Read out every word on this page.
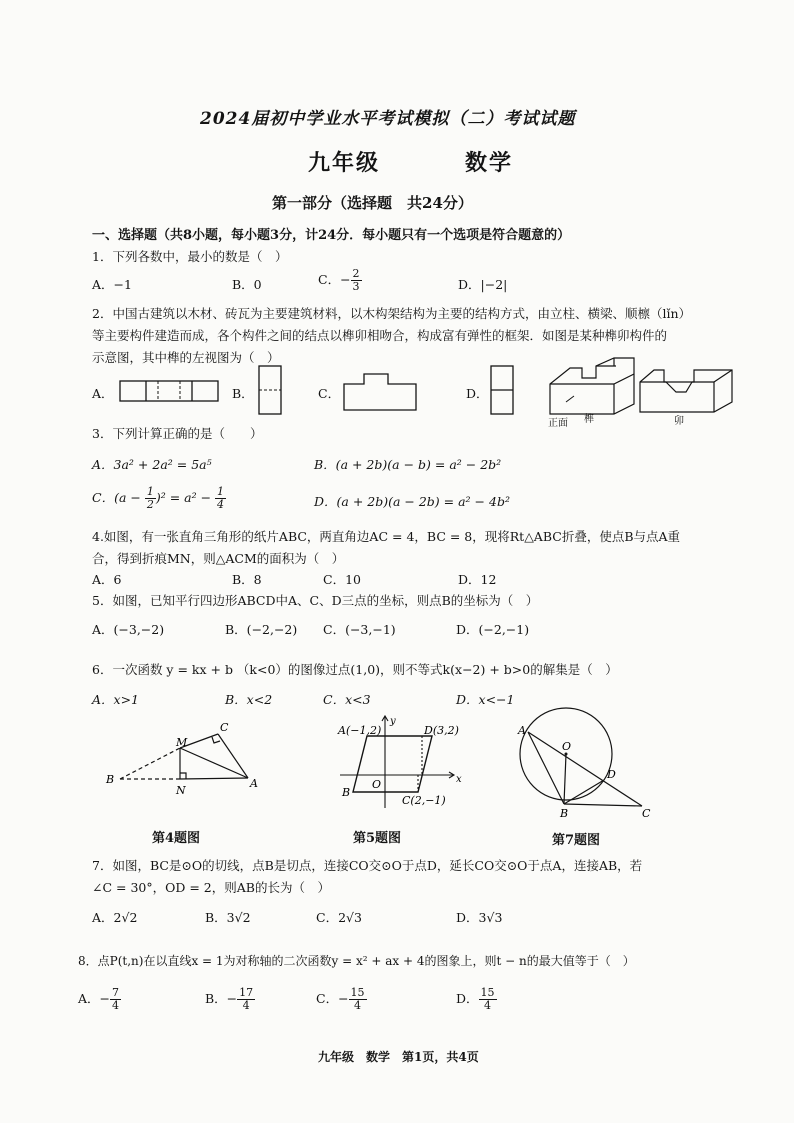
2024届初中学业水平考试模拟（二）考试试题
九年级	数学
第一部分（选择题　共24分）
一、选择题（共8小题，每小题3分，计24分．每小题只有一个选项是符合题意的）
1．下列各数中，最小的数是（　）
A．−1	B．0	C．− $\frac{2}{3}$	D．|−2|
2．中国古建筑以木材、砖瓦为主要建筑材料，以木构架结构为主要的结构方式，由立柱、横梁、顺檩（lǐn）
等主要构件建造而成，各个构件之间的结点以榫卯相吻合，构成富有弹性的框架．如图是某种榫卯构件的
示意图，其中榫的左视图为（　）
A．	B．	C．	D．
正面 榫	卯
3．下列计算正确的是（　　）
A．3a² + 2a² = 5a⁵	B．(a + 2b)(a − b) = a² − 2b²
C．$(a - \frac{1}{2} )^2 = a^2 - \frac{1}{4}$	D．(a + 2b)(a − 2b) = a² − 4b²
4.如图，有一张直角三角形的纸片ABC，两直角边AC = 4，BC = 8，现将Rt△ABC折叠，使点B与点A重
合，得到折痕MN，则△ACM的面积为（　）
A．6	B．8	C．10	D．12
5．如图，已知平行四边形ABCD中A、C、D三点的坐标，则点B的坐标为（　）
A．(−3,−2)	B．(−2,−2) C．(−3,−1)	D．(−2,−1)
6．一次函数 y = kx + b （k<0）的图像过点(1,0)，则不等式k(x−2) + b>0的解集是（　）
A．x>1	B．x<2	C．x<3	D．x<−1
C
M
B
N
A
第4题图
x
y
A(−1,2)	D(3,2)
O
B
C(2,−1)
第5题图
A
O
D
B	C
第7题图
7．如图，BC是⊙O的切线，点B是切点，连接CO交⊙O于点D，延长CO交⊙O于点A，连接AB，若
∠C = 30°，OD = 2，则AB的长为（　）
A．2√2	B．3√2	C．2√3	D．3√3
8．点P(t,n)在以直线x = 1为对称轴的二次函数y = x² + ax + 4的图象上，则t − n的最大值等于（　）
A．− $\frac{7}{4}$	B．− $\frac{17}{4}$	C．− $\frac{15}{4}$	D． $\frac{15}{4}$
九年级　数学　第1页，共4页
